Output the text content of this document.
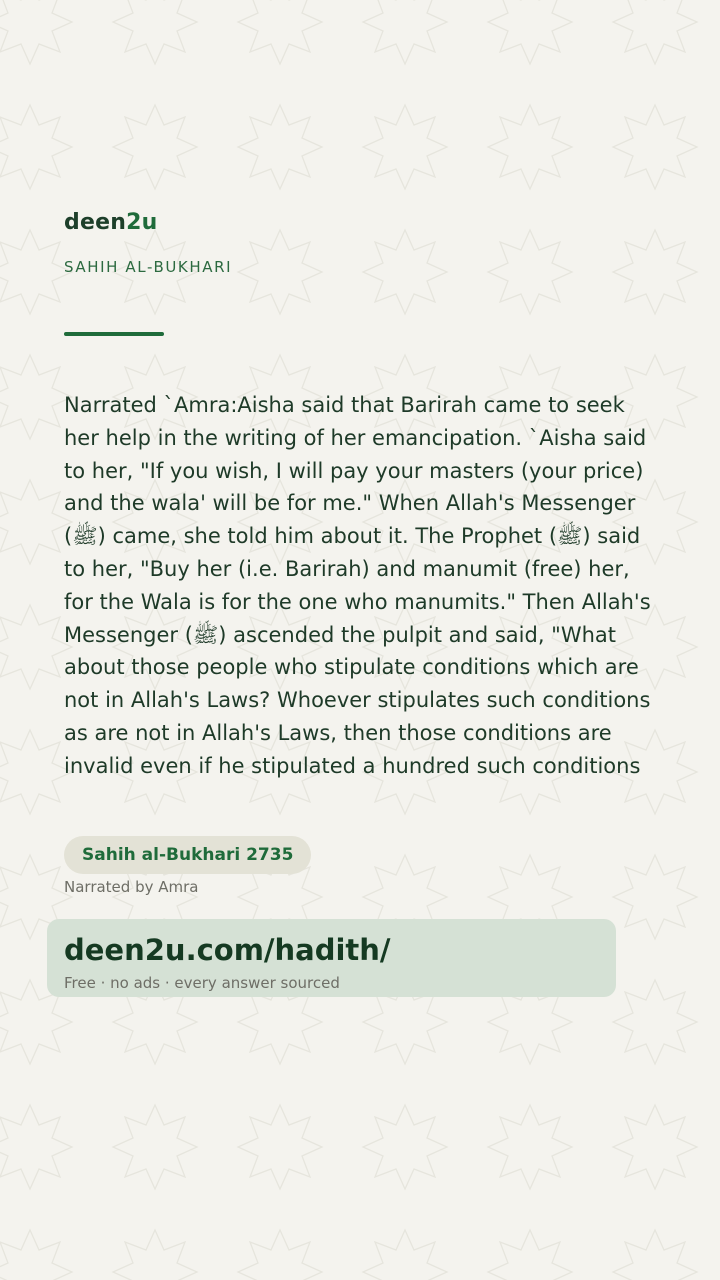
deen2u
SAHIH AL-BUKHARI

Narrated `Amra:Aisha said that Barirah came to seek her help in the writing of her emancipation. `Aisha said to her, "If you wish, I will pay your masters (your price) and the wala' will be for me." When Allah's Messenger (ﷺ) came, she told him about it. The Prophet (ﷺ) said to her, "Buy her (i.e. Barirah) and manumit (free) her, for the Wala is for the one who manumits." Then Allah's Messenger (ﷺ) ascended the pulpit and said, "What about those people who stipulate conditions which are not in Allah's Laws? Whoever stipulates such conditions as are not in Allah's Laws, then those conditions are invalid even if he stipulated a hundred such conditions

Sahih al-Bukhari 2735
Narrated by Amra
deen2u.com/hadith/
Free · no ads · every answer sourced
